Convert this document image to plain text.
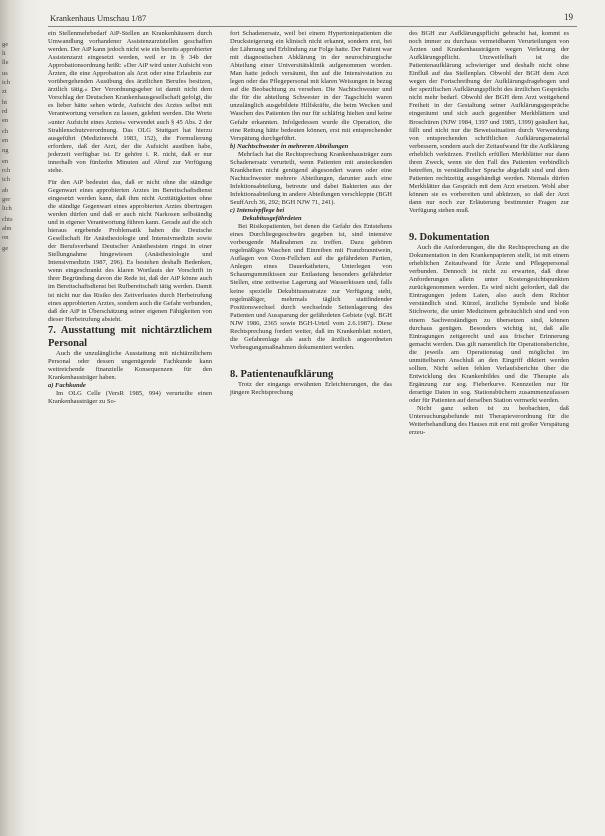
ge
lt
lle
us
ich
zt
ht
rd
en
ch
en
ng
en
rch
ich
ab
ger
lich
chts
ahn
on
ge
Krankenhaus Umschau 1/87	19

ein Stellenmehrbedarf AiP-Stellen an Krankenhäusern durch Umwandlung vorhandener Assistenzarztstellen geschaffen werden. Der AiP kann jedoch nicht wie ein bereits approbierter Assistenzarzt eingesetzt werden, weil er in § 34b der Approbationsordnung heißt: »Der AiP wird unter Aufsicht von Ärzten, die eine Approbation als Arzt oder eine Erlaubnis zur vorübergehenden Ausübung des ärztlichen Berufes besitzen, ärztlich tätig.« Der Verordnungsgeber ist damit nicht dem Vorschlag der Deutschen Krankenhausgesellschaft gefolgt, die es lieber hätte sehen würde, Aufsicht des Arztes selbst mit Verantwortung versehen zu lassen, gelehnt werden. Die Worte »unter Aufsicht eines Arztes« verwendet auch § 45 Abs. 2 der Strahlenschutzverordnung. Das OLG Stuttgart hat hierzu ausgeführt (Medizinrecht 1983, 152), die Formulierung erfordere, daß der Arzt, der die Aufsicht ausüben habe, jederzeit verfügbar ist. Er gehöre i. R. nicht, daß er nur innerhalb von fünfzehn Minuten auf Abruf zur Verfügung stehe.

Für den AiP bedeutet das, daß er nicht ohne die ständige Gegenwart eines approbierten Arztes im Bereitschaftsdienst eingesetzt werden kann, daß ihm nicht Arzttätigkeiten ohne die ständige Gegenwart eines approbierten Arztes übertragen werden dürfen und daß er auch nicht Narkosen selbständig und in eigener Verantwortung führen kann. Gerade auf die sich hieraus ergebende Problematik haben die Deutsche Gesellschaft für Anästhesiologie und Intensivmedizin sowie der Berufsverband Deutscher Anästhesisten ringst in einer Stellungnahme hingewiesen (Anästhesiologie und Intensivmedizin 1987, 296). Es bestehen deshalb Bedenken, wenn eingeschrankt des klaren Wortlauts der Vorschrift in ihrer Begründung davon die Rede ist, daß der AiP könne auch im Bereitschaftsdienst bei Rufbereitschaft tätig werden. Damit ist nicht nur das Risiko des Zeitverlustes durch Herbeirufung eines approbierten Arztes, sondern auch die Gefahr verbunden, daß der AiP in Überschätzung seiner eigenen Fähigkeiten von dieser Herbeirufung absieht.

7. Ausstattung mit nichtärztlichem Personal

Auch die unzulängliche Ausstattung mit nichtärztlichem Personal oder dessen ungenügende Fachkunde kann weitreichende finanzielle Konsequenzen für den Krankenhausträger haben.

a) Fachkunde

Im OLG Celle (VersR 1985, 994) verurteilte einen Krankenhausträger zu So-

fort Schadenersatz, weil bei einem Hypertoniepatienten die Drucksteigerung ein klinisch nicht erkannt, sondern erst, bei der Lähmung und Erblindung zur Folge hatte. Der Patient war mit diagnostischen Abklärung in der neurochirurgische Abteilung einer Universitätsklinik aufgenommen worden. Man hatte jedoch versäumt, ihn auf die Intensivstation zu legen oder das Pflegepersonal mit klaren Weisungen in bezug auf die Beobachtung zu versehen. Die Nachtschwester und die für die abteilung Schwester in der Tagschicht waren unzulänglich ausgebildete Hilfskräfte, die beim Wecken und Waschen des Patienten ihn nur für schläfrig hielten und keine Gefahr erkannten. Infolgedessen wurde die Operation, die eine Rettung hätte bedeuten können, erst mit entsprechender Verspätung durchgeführt.

b) Nachtschwester in mehreren Abteilungen

Mehrfach hat die Rechtsprechung Krankenhausträger zum Schadenersatz verurteilt, wenn Patienten mit ansteckenden Krankheiten nicht genügend abgesondert waren oder eine Nachtschwester mehrere Abteilungen, darunter auch eine Infektionsabteilung, betreute und dabei Bakterien aus der Infektionsabteilung in andere Abteilungen verschleppte (BGH SeuffArch 36, 292; BGH NJW 71, 241).

c) Intensivpflege bei
Dekubitusgefährdeten

Bei Risikopatienten, bei denen die Gefahr des Entstehens eines Durchliegegeschwürs gegeben ist, sind intensive vorbeugende Maßnahmen zu treffen. Dazu gehören regelmäßiges Waschen und Einreiben mit Franzbranntwein, Auflagen von Ozon-Fellchen auf die gefährdeten Partien, Anlegen eines Dauerkatheters, Unterlegen von Schaumgummikissen zur Entlastung besonders gefährdeter Stellen, eine zeitweise Lagerung auf Wasserkissen und, falls keine spezielle Dekubitusmatratze zur Verfügung steht, regelmäßiger, mehrmals täglich stattfindender Positionswechsel durch wechselnde Seitenlagerung des Patienten und Aussparung der gefährdeten Gebiete (vgl. BGH NJW 1986, 2365 sowie BGH-Urteil vom 2.6.1987). Diese Rechtsprechung fordert weiter, daß im Krankenblatt notiert, die Gefahrenlage als auch die ärztlich angeordneten Vorbeugungsmaßnahmen dokumentiert werden.

8. Patientenaufklärung

Trotz der eingangs erwähnten Erleichterungen, die das jüngere Rechtsprechung

des BGH zur Aufklärungspflicht gebracht hat, kommt es noch immer zu durchaus vermeidbaren Verurteilungen von Ärzten und Krankenhausträgern wegen Verletzung der Aufklärungspflicht. Unzweifelhaft ist die Patientenaufklärung schwieriger und deshalb nicht ohne Einfluß auf das Stellenplan. Obwohl der BGH dem Arzt wegen der Fortschreibung der Aufklärungsfragebogen und der spezifischen Aufklärungspflicht des ärztlichen Gesprächs nicht mehr bedarf. Obwohl der BGH dem Arzt weitgehend Freiheit in der Gestaltung seiner Aufklärungsgespräche eingeräumt und sich auch gegenüber Merkblättern und Broschüren (NJW 1984, 1397 und 1985, 1399) geäußert hat, fällt und nicht nur die Beweissituation durch Verwendung von entsprechenden schriftlichen Aufklärungsmaterial verbessern, sondern auch der Zeitaufwand für die Aufklärung erheblich verkürzen. Freilich erfüllen Merkblätter nur dann ihren Zweck, wenn sie den Fall des Patienten verbindlich betreffen, in verständlicher Sprache abgefaßt sind und dem Patienten rechtzeitig ausgehändigt werden. Niemals dürfen Merkblätter das Gespräch mit dem Arzt ersetzen. Wohl aber können sie es vorbereiten und abkürzen, so daß der Arzt dann nur noch zur Erläuterung bestimmter Fragen zur Verfügung stehen muß.

9. Dokumentation

Auch die Anforderungen, die die Rechtsprechung an die Dokumentation in den Krankenpapieren stellt, ist mit einem erheblichen Zeitaufwand für Ärzte und Pflegepersonal verbunden. Dennoch ist nicht zu erwarten, daß diese Anforderungen allein unter Kostengesichtspunkten zurückgenommen werden. Es wird nicht gefordert, daß die Eintragungen jedem Laien, also auch dem Richter verständlich sind. Kürzel, ärztliche Symbole und bloße Stichworte, die unter Medizinern gebräuchlich sind und von einem Sachverständigen zu übersetzen sind, können durchaus genügen. Besonders wichtig ist, daß alle Eintragungen zeitgerecht und aus frischer Erinnerung gemacht werden. Das gilt namentlich für Operationsberichte, die jeweils am Operationstag und möglichst im unmittelbaren Anschluß an den Eingriff diktiert werden sollten. Nicht selten fehlen Verlaufsberichte über die Entwicklung des Krankenbildes und die Therapie als Ergänzung zur sog. Fieberkurve. Kennzeilen nur für derartige Daten in sog. Stationsbüchern zusammenzufassen oder für Patienten auf derselben Station vermerkt werden.

Nicht ganz selten ist zu beobachten, daß Untersuchungsbefunde mit Therapieverordnung für die Weiterbehandlung des Hauses mit erst mit großer Verspätung erzeu-
